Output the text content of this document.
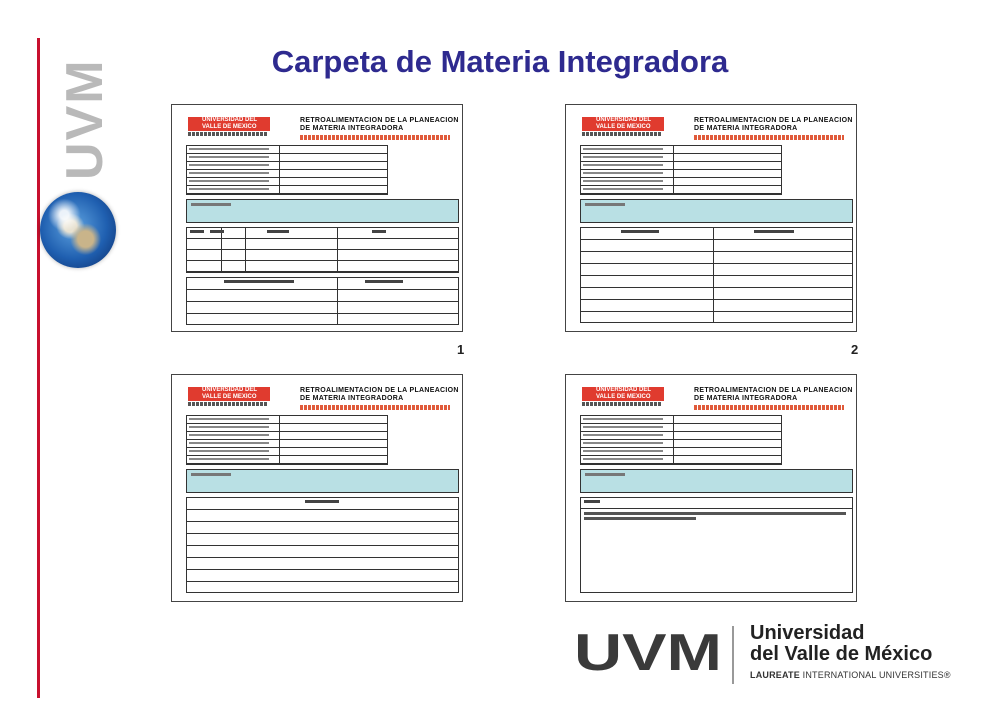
UVM	Carpeta de Materia Integradora
UNIVERSIDAD DEL VALLE DE MEXICO
RETROALIMENTACION DE LA PLANEACION DE MATERIA INTEGRADORA
1
UNIVERSIDAD DEL VALLE DE MEXICO
RETROALIMENTACION DE LA PLANEACION DE MATERIA INTEGRADORA
2
UNIVERSIDAD DEL VALLE DE MEXICO
RETROALIMENTACION DE LA PLANEACION DE MATERIA INTEGRADORA
UNIVERSIDAD DEL VALLE DE MEXICO
RETROALIMENTACION DE LA PLANEACION DE MATERIA INTEGRADORA
UVM Universidad
del Valle de México
LAUREATE INTERNATIONAL UNIVERSITIES®
